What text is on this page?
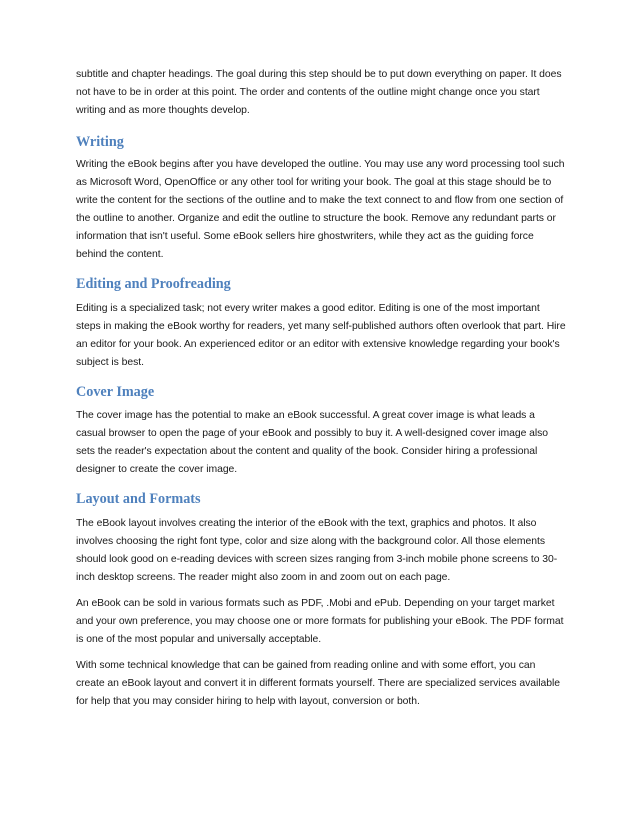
subtitle and chapter headings. The goal during this step should be to put down everything on paper. It does not have to be in order at this point. The order and contents of the outline might change once you start writing and as more thoughts develop.

Writing

Writing the eBook begins after you have developed the outline. You may use any word processing tool such as Microsoft Word, OpenOffice or any other tool for writing your book. The goal at this stage should be to write the content for the sections of the outline and to make the text connect to and flow from one section of the outline to another. Organize and edit the outline to structure the book. Remove any redundant parts or information that isn't useful. Some eBook sellers hire ghostwriters, while they act as the guiding force behind the content.

Editing and Proofreading

Editing is a specialized task; not every writer makes a good editor. Editing is one of the most important steps in making the eBook worthy for readers, yet many self-published authors often overlook that part. Hire an editor for your book. An experienced editor or an editor with extensive knowledge regarding your book's subject is best.

Cover Image

The cover image has the potential to make an eBook successful. A great cover image is what leads a casual browser to open the page of your eBook and possibly to buy it. A well-designed cover image also sets the reader's expectation about the content and quality of the book. Consider hiring a professional designer to create the cover image.

Layout and Formats

The eBook layout involves creating the interior of the eBook with the text, graphics and photos. It also involves choosing the right font type, color and size along with the background color. All those elements should look good on e-reading devices with screen sizes ranging from 3-inch mobile phone screens to 30-inch desktop screens. The reader might also zoom in and zoom out on each page.

An eBook can be sold in various formats such as PDF, .Mobi and ePub. Depending on your target market and your own preference, you may choose one or more formats for publishing your eBook. The PDF format is one of the most popular and universally acceptable.

With some technical knowledge that can be gained from reading online and with some effort, you can create an eBook layout and convert it in different formats yourself. There are specialized services available for help that you may consider hiring to help with layout, conversion or both.
